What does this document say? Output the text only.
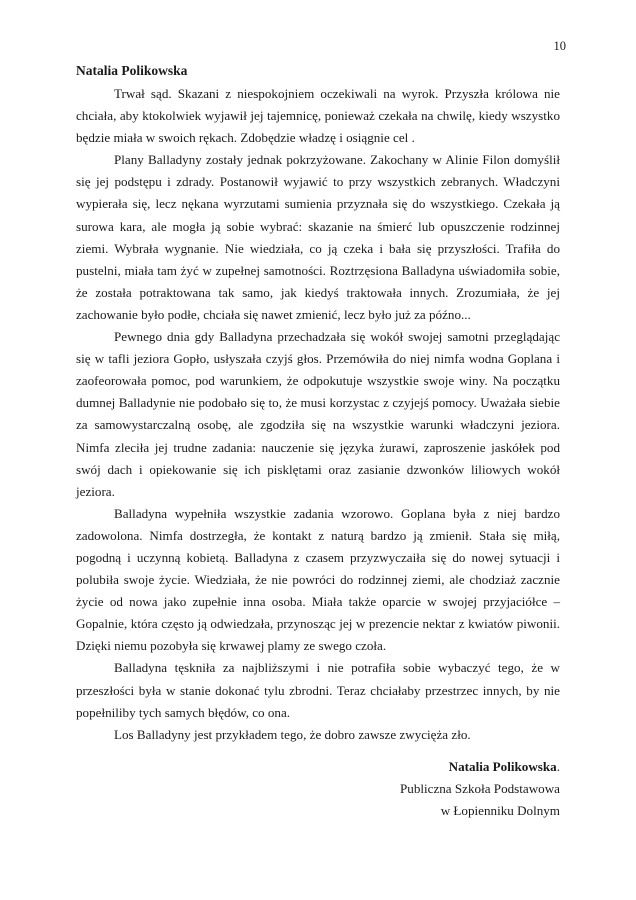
10
Natalia Polikowska

Trwał sąd. Skazani z niespokojniem oczekiwali na wyrok. Przyszła królowa nie chciała, aby ktokolwiek wyjawił jej tajemnicę, ponieważ czekała na chwilę, kiedy wszystko będzie miała w swoich rękach. Zdobędzie władzę i osiągnie cel .

Plany Balladyny zostały jednak pokrzyżowane. Zakochany w Alinie Filon domyślił się jej podstępu i zdrady. Postanowił wyjawić to przy wszystkich zebranych. Władczyni wypierała się, lecz nękana wyrzutami sumienia przyznała się do wszystkiego. Czekała ją surowa kara, ale mogła ją sobie wybrać: skazanie na śmierć lub opuszczenie rodzinnej ziemi. Wybrała wygnanie. Nie wiedziała, co ją czeka i bała się przyszłości. Trafiła do pustelni, miała tam żyć w zupełnej samotności. Roztrzęsiona Balladyna uświadomiła sobie, że została potraktowana tak samo, jak kiedyś traktowała innych. Zrozumiała, że jej zachowanie było podłe, chciała się nawet zmienić, lecz było już za późno...

Pewnego dnia gdy Balladyna przechadzała się wokół swojej samotni przeglądając się w tafli jeziora Gopło, usłyszała czyjś głos. Przemówiła do niej nimfa wodna Goplana i zaofeorowała pomoc, pod warunkiem, że odpokutuje wszystkie swoje winy. Na początku dumnej Balladynie nie podobało się to, że musi korzystac z czyjejś pomocy. Uważała siebie za samowystarczalną osobę, ale zgodziła się na wszystkie warunki władczyni jeziora. Nimfa zleciła jej trudne zadania: nauczenie się języka żurawi, zaproszenie jaskółek pod swój dach i opiekowanie się ich pisklętami oraz zasianie dzwonków liliowych wokół jeziora.

Balladyna wypełniła wszystkie zadania wzorowo. Goplana była z niej bardzo zadowolona. Nimfa dostrzegła, że kontakt z naturą bardzo ją zmienił. Stała się miłą, pogodną i uczynną kobietą. Balladyna z czasem przyzwyczaiła się do nowej sytuacji i polubiła swoje życie. Wiedziała, że nie powróci do rodzinnej ziemi, ale chodziaż zacznie życie od nowa jako zupełnie inna osoba. Miała także oparcie w swojej przyjaciółce – Gopalnie, która często ją odwiedzała, przynosząc jej w prezencie nektar z kwiatów piwonii. Dzięki niemu pozobyła się krwawej plamy ze swego czoła.

Balladyna tęskniła za najbliższymi i nie potrafiła sobie wybaczyć tego, że w przeszłości była w stanie dokonać tylu zbrodni. Teraz chciałaby przestrzec innych, by nie popełniliby tych samych błędów, co ona.

Los Balladyny jest przykładem tego, że dobro zawsze zwycięża zło.

Natalia Polikowska.
Publiczna Szkoła Podstawowa
w Łopienniku Dolnym
